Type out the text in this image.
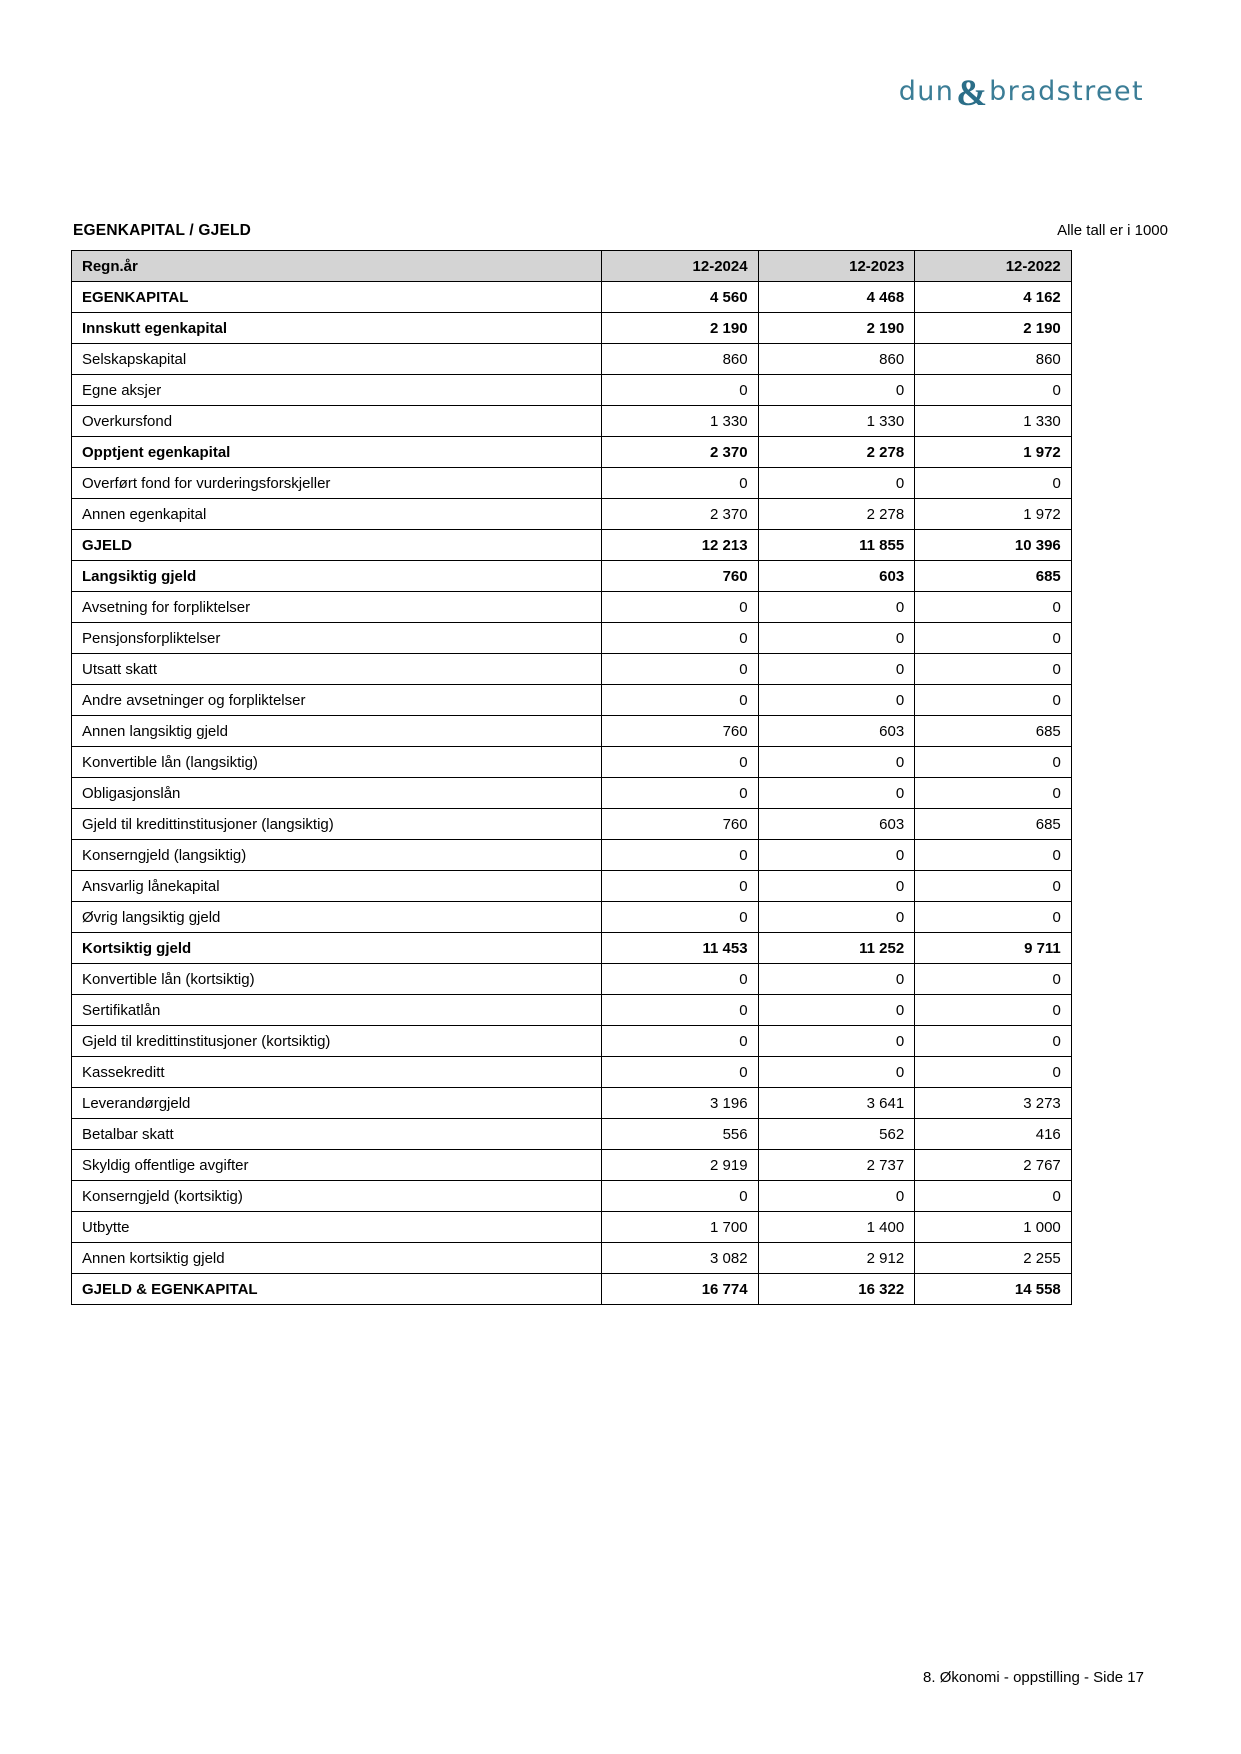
dun & bradstreet
EGENKAPITAL / GJELD	Alle tall er i 1000
Regn.år	12-2024	12-2023	12-2022
EGENKAPITAL	4 560	4 468	4 162
Innskutt egenkapital	2 190	2 190	2 190
Selskapskapital	860	860	860
Egne aksjer	0	0	0
Overkursfond	1 330	1 330	1 330
Opptjent egenkapital	2 370	2 278	1 972
Overført fond for vurderingsforskjeller	0	0	0
Annen egenkapital	2 370	2 278	1 972
GJELD	12 213	11 855	10 396
Langsiktig gjeld	760	603	685
Avsetning for forpliktelser	0	0	0
Pensjonsforpliktelser	0	0	0
Utsatt skatt	0	0	0
Andre avsetninger og forpliktelser	0	0	0
Annen langsiktig gjeld	760	603	685
Konvertible lån (langsiktig)	0	0	0
Obligasjonslån	0	0	0
Gjeld til kredittinstitusjoner (langsiktig)	760	603	685
Konserngjeld (langsiktig)	0	0	0
Ansvarlig lånekapital	0	0	0
Øvrig langsiktig gjeld	0	0	0
Kortsiktig gjeld	11 453	11 252	9 711
Konvertible lån (kortsiktig)	0	0	0
Sertifikatlån	0	0	0
Gjeld til kredittinstitusjoner (kortsiktig)	0	0	0
Kassekreditt	0	0	0
Leverandørgjeld	3 196	3 641	3 273
Betalbar skatt	556	562	416
Skyldig offentlige avgifter	2 919	2 737	2 767
Konserngjeld (kortsiktig)	0	0	0
Utbytte	1 700	1 400	1 000
Annen kortsiktig gjeld	3 082	2 912	2 255
GJELD & EGENKAPITAL	16 774	16 322	14 558
8. Økonomi - oppstilling - Side 17
